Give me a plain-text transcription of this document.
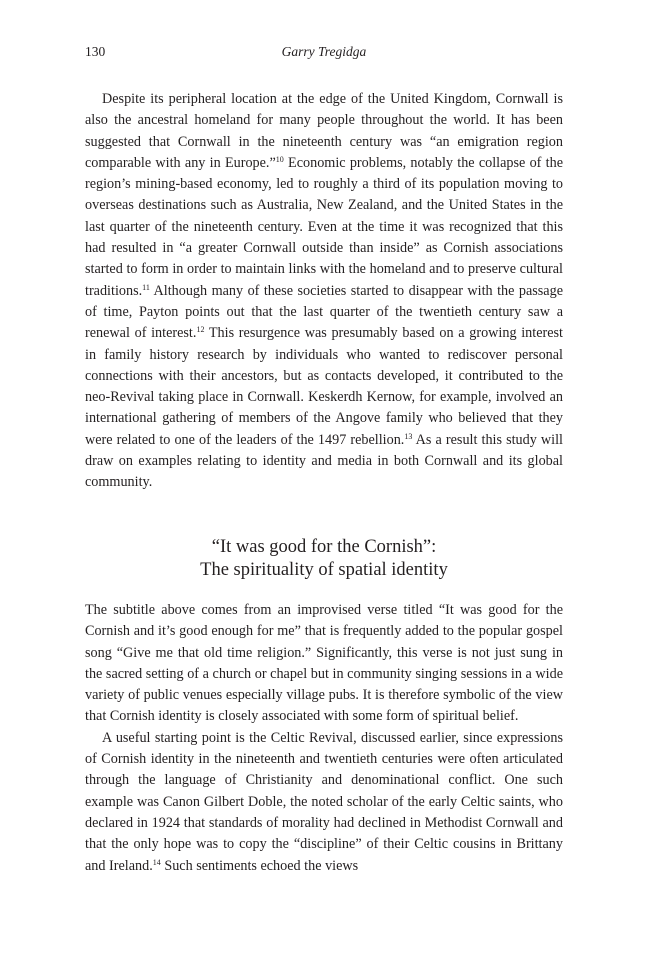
130	Garry Tregidga

Despite its peripheral location at the edge of the United Kingdom, Cornwall is also the ancestral homeland for many people throughout the world. It has been suggested that Cornwall in the nineteenth century was “an emigration region comparable with any in Europe.”$^{10}$ Economic problems, notably the collapse of the region’s mining-based economy, led to roughly a third of its population moving to overseas destinations such as Australia, New Zealand, and the United States in the last quarter of the nineteenth century. Even at the time it was recognized that this had resulted in “a greater Cornwall outside than inside” as Cornish associations started to form in order to maintain links with the homeland and to preserve cultural traditions.$^{11}$ Although many of these societies started to disappear with the passage of time, Payton points out that the last quarter of the twentieth century saw a renewal of interest.$^{12}$ This resurgence was presumably based on a growing interest in family history research by individuals who wanted to rediscover personal connections with their ancestors, but as contacts developed, it contributed to the neo-Revival taking place in Cornwall. Keskerdh Kernow, for example, involved an international gathering of members of the Angove family who believed that they were related to one of the leaders of the 1497 rebellion.$^{13}$ As a result this study will draw on examples relating to identity and media in both Cornwall and its global community.

“It was good for the Cornish”:
The spirituality of spatial identity

The subtitle above comes from an improvised verse titled “It was good for the Cornish and it’s good enough for me” that is frequently added to the popular gospel song “Give me that old time religion.” Significantly, this verse is not just sung in the sacred setting of a church or chapel but in community singing sessions in a wide variety of public venues especially village pubs. It is therefore symbolic of the view that Cornish identity is closely associated with some form of spiritual belief.

A useful starting point is the Celtic Revival, discussed earlier, since expressions of Cornish identity in the nineteenth and twentieth centuries were often articulated through the language of Christianity and denominational conflict. One such example was Canon Gilbert Doble, the noted scholar of the early Celtic saints, who declared in 1924 that standards of morality had declined in Methodist Cornwall and that the only hope was to copy the “discipline” of their Celtic cousins in Brittany and Ireland.$^{14}$ Such sentiments echoed the views
